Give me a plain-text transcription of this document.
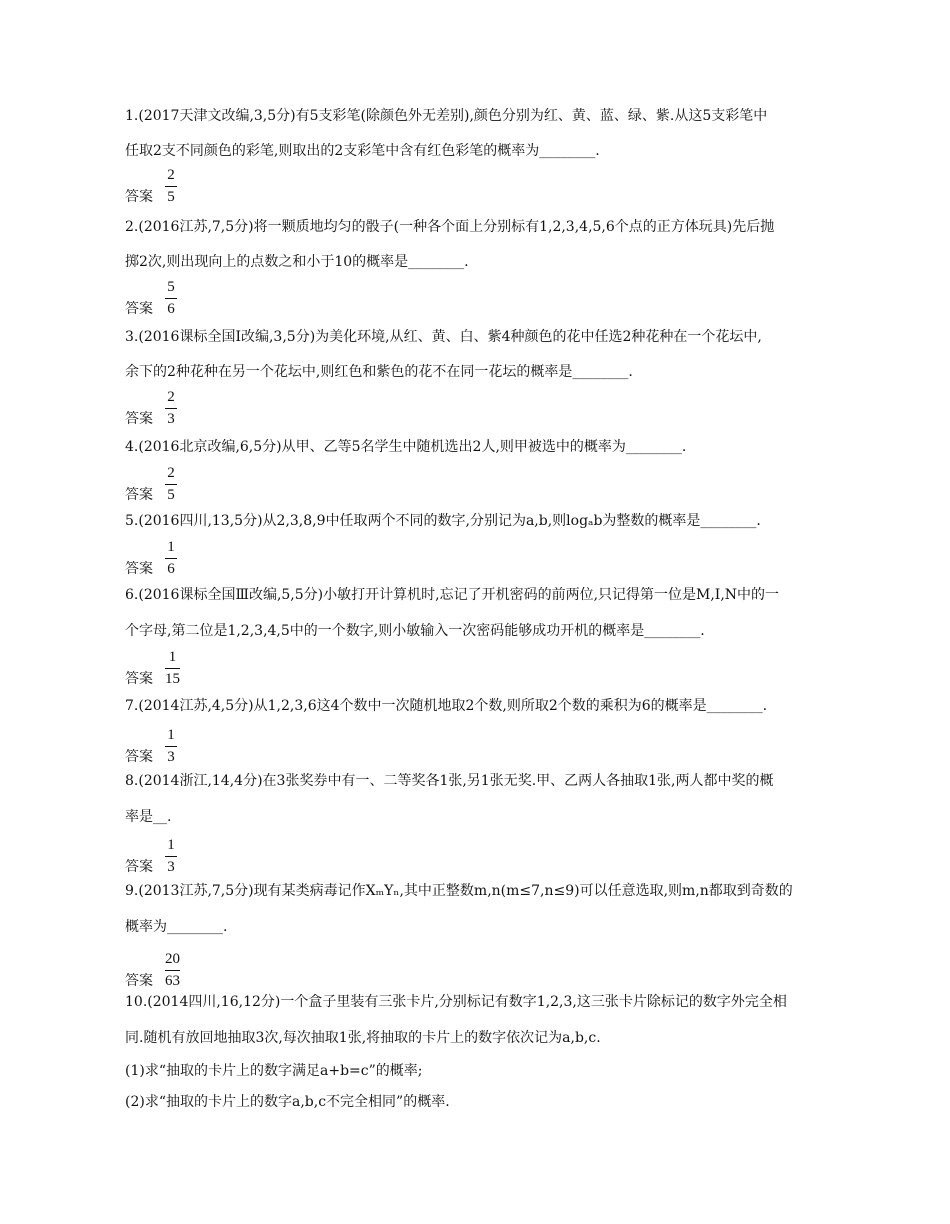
1.(2017天津文改编,3,5分)有5支彩笔(除颜色外无差别),颜色分别为红、黄、蓝、绿、紫.从这5支彩笔中
任取2支不同颜色的彩笔,则取出的2支彩笔中含有红色彩笔的概率为________.
答案
2
5
2.(2016江苏,7,5分)将一颗质地均匀的骰子(一种各个面上分别标有1,2,3,4,5,6个点的正方体玩具)先后抛
掷2次,则出现向上的点数之和小于10的概率是________.
答案
5
6
3.(2016课标全国Ⅰ改编,3,5分)为美化环境,从红、黄、白、紫4种颜色的花中任选2种花种在一个花坛中,
余下的2种花种在另一个花坛中,则红色和紫色的花不在同一花坛的概率是________.
答案
2
3
4.(2016北京改编,6,5分)从甲、乙等5名学生中随机选出2人,则甲被选中的概率为________.
答案
2
5
5.(2016四川,13,5分)从2,3,8,9中任取两个不同的数字,分别记为a,b,则logₐb为整数的概率是________.
答案
1
6
6.(2016课标全国Ⅲ改编,5,5分)小敏打开计算机时,忘记了开机密码的前两位,只记得第一位是M,I,N中的一
个字母,第二位是1,2,3,4,5中的一个数字,则小敏输入一次密码能够成功开机的概率是________.
答案
1
15
7.(2014江苏,4,5分)从1,2,3,6这4个数中一次随机地取2个数,则所取2个数的乘积为6的概率是________.
答案
1
3
8.(2014浙江,14,4分)在3张奖券中有一、二等奖各1张,另1张无奖.甲、乙两人各抽取1张,两人都中奖的概
率是__.
答案
1
3
9.(2013江苏,7,5分)现有某类病毒记作XₘYₙ,其中正整数m,n(m≤7,n≤9)可以任意选取,则m,n都取到奇数的
概率为________.
答案
20
63
10.(2014四川,16,12分)一个盒子里装有三张卡片,分别标记有数字1,2,3,这三张卡片除标记的数字外完全相
同.随机有放回地抽取3次,每次抽取1张,将抽取的卡片上的数字依次记为a,b,c.
(1)求“抽取的卡片上的数字满足a+b=c”的概率;
(2)求“抽取的卡片上的数字a,b,c不完全相同”的概率.
